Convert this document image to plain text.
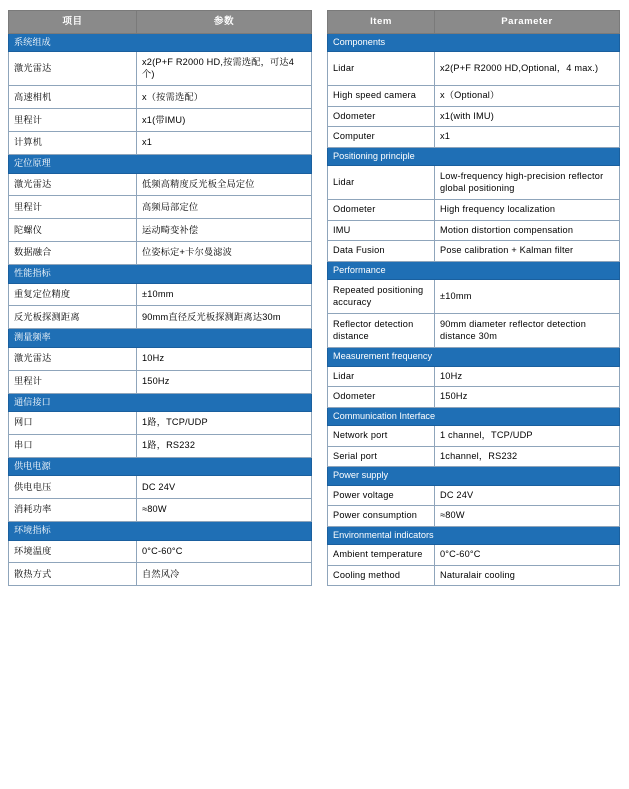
项目	参数
系统组成	
激光雷达	x2(P+F R2000 HD,按需选配，可达4个)
高速相机	x（按需选配）
里程计	x1(带IMU)
计算机	x1
定位原理	
激光雷达	低频高精度反光板全局定位
里程计	高频局部定位
陀螺仪	运动畸变补偿
数据融合	位姿标定+卡尔曼滤波
性能指标	
重复定位精度	±10mm
反光板探测距离	90mm直径反光板探测距离达30m
测量频率	
激光雷达	10Hz
里程计	150Hz
通信接口	
网口	1路，TCP/UDP
串口	1路，RS232
供电电源	
供电电压	DC 24V
消耗功率	≈80W
环境指标	
环境温度	0°C-60°C
散热方式	自然风冷
Item	Parameter
Components	
Lidar	x2(P+F R2000 HD,Optional，4 max.)
High speed camera	x（Optional）
Odometer	x1(with IMU)
Computer	x1
Positioning principle	
Lidar	Low-frequency high-precision reflector global positioning
Odometer	High frequency localization
IMU	Motion distortion compensation
Data Fusion	Pose calibration + Kalman filter
Performance	
Repeated positioning accuracy	±10mm
Reflector detection distance	90mm diameter reflector detection distance 30m
Measurement frequency	
Lidar	10Hz
Odometer	150Hz
Communication Interface	
Network port	1 channel，TCP/UDP
Serial port	1channel，RS232
Power supply	
Power voltage	DC 24V
Power consumption	≈80W
Environmental indicators	
Ambient temperature	0°C-60°C
Cooling method	Naturalair cooling
